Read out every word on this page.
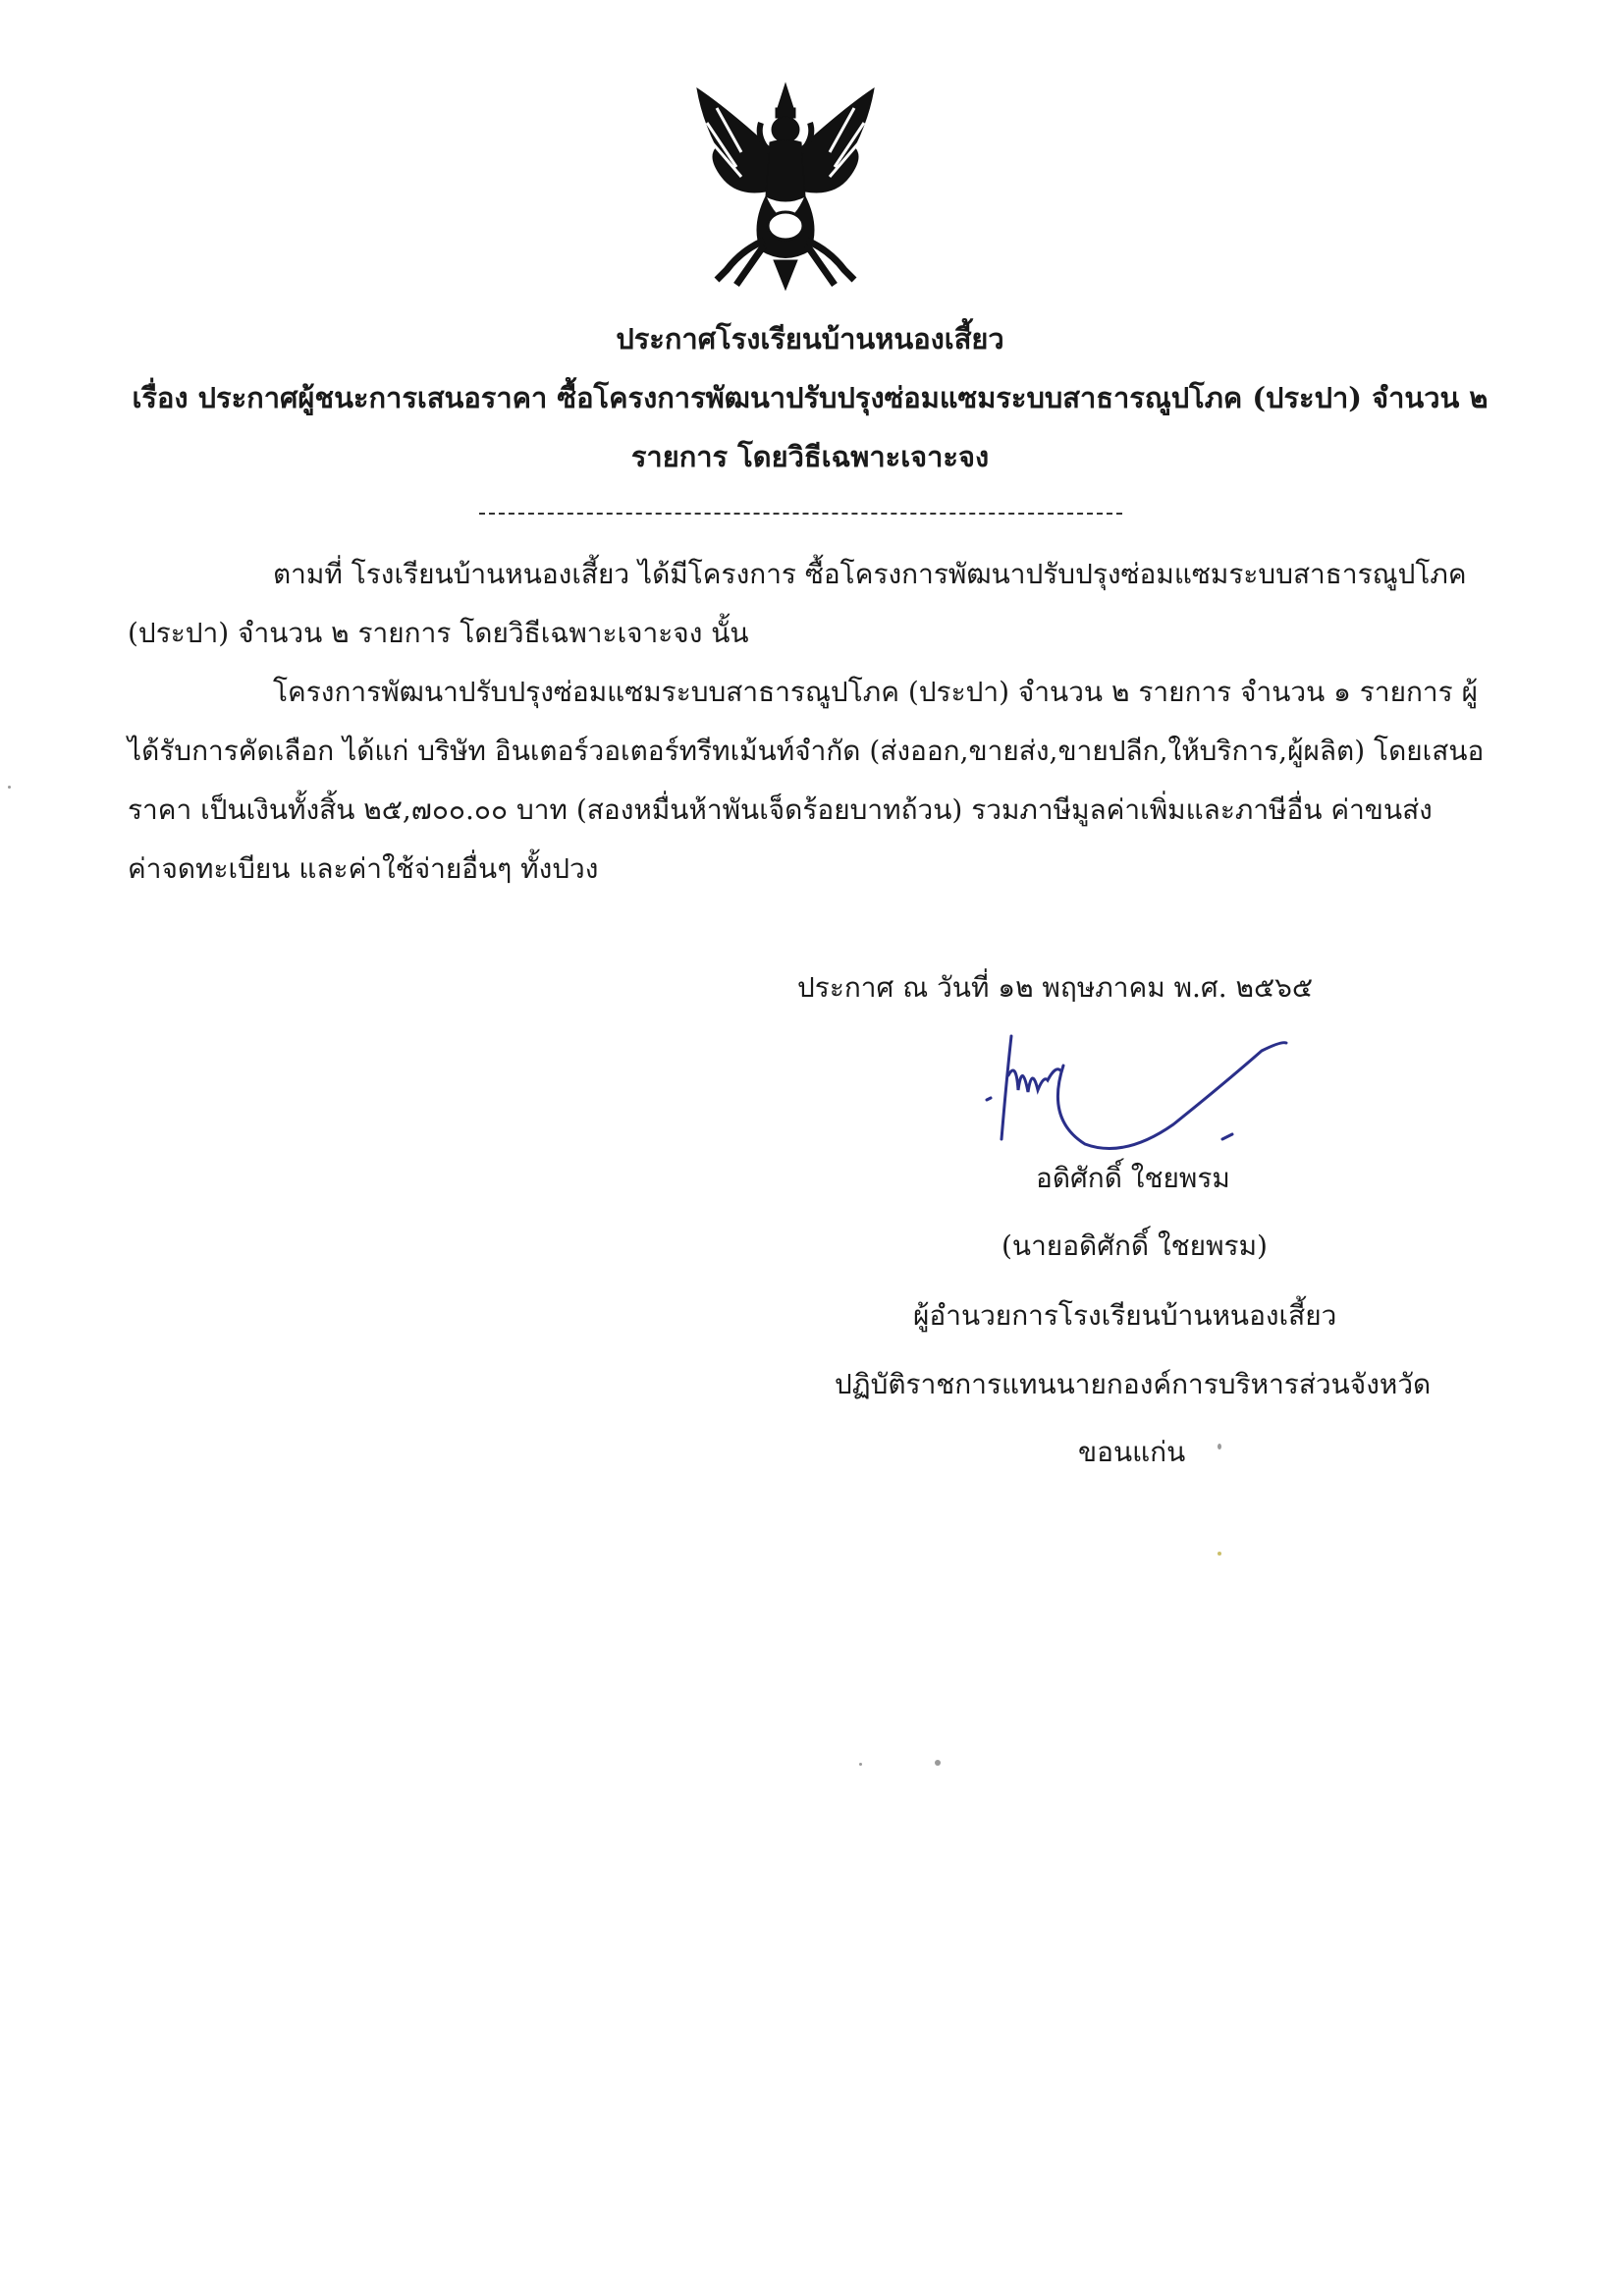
ประกาศโรงเรียนบ้านหนองเสี้ยว
เรื่อง ประกาศผู้ชนะการเสนอราคา ซื้อโครงการพัฒนาปรับปรุงซ่อมแซมระบบสาธารณูปโภค (ประปา) จำนวน ๒
รายการ โดยวิธีเฉพาะเจาะจง

ตามที่ โรงเรียนบ้านหนองเสี้ยว ได้มีโครงการ ซื้อโครงการพัฒนาปรับปรุงซ่อมแซมระบบสาธารณูปโภค
(ประปา) จำนวน ๒ รายการ โดยวิธีเฉพาะเจาะจง นั้น

โครงการพัฒนาปรับปรุงซ่อมแซมระบบสาธารณูปโภค (ประปา) จำนวน ๒ รายการ จำนวน ๑ รายการ ผู้
ได้รับการคัดเลือก ได้แก่ บริษัท อินเตอร์วอเตอร์ทรีทเม้นท์จำกัด (ส่งออก,ขายส่ง,ขายปลีก,ให้บริการ,ผู้ผลิต) โดยเสนอ
ราคา เป็นเงินทั้งสิ้น ๒๕,๗๐๐.๐๐ บาท (สองหมื่นห้าพันเจ็ดร้อยบาทถ้วน) รวมภาษีมูลค่าเพิ่มและภาษีอื่น ค่าขนส่ง
ค่าจดทะเบียน และค่าใช้จ่ายอื่นๆ ทั้งปวง

ประกาศ ณ วันที่ ๑๒ พฤษภาคม พ.ศ. ๒๕๖๕
อดิศักดิ์ ใชยพรม
(นายอดิศักดิ์ ใชยพรม)
ผู้อำนวยการโรงเรียนบ้านหนองเสี้ยว
ปฏิบัติราชการแทนนายกองค์การบริหารส่วนจังหวัด
ขอนแก่น
